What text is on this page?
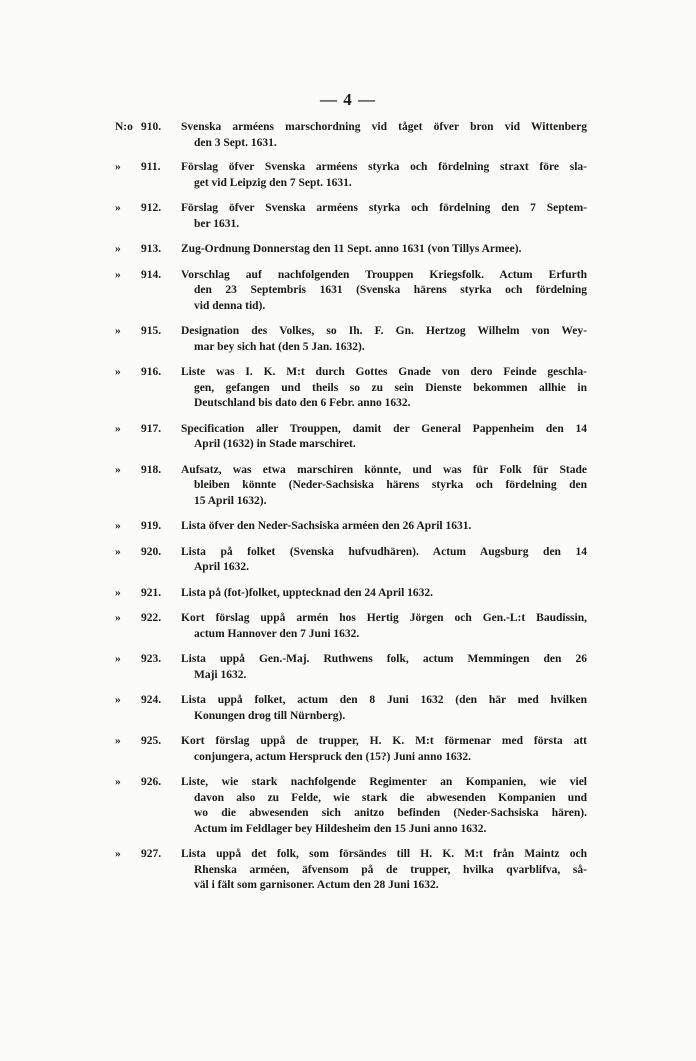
— 4 —
N:o 910.	Svenska arméens marschordning vid tåget öfver bron vid Wittenberg
den 3 Sept. 1631.
»	911.	Förslag öfver Svenska arméens styrka och fördelning straxt före sla-
get vid Leipzig den 7 Sept. 1631.
»	912.	Förslag öfver Svenska arméens styrka och fördelning den 7 Septem-
ber 1631.
»	913.	Zug-Ordnung Donnerstag den 11 Sept. anno 1631 (von Tillys Armee).
»	914.	Vorschlag auf nachfolgenden Trouppen Kriegsfolk. Actum Erfurth
den 23 Septembris 1631 (Svenska härens styrka och fördelning
vid denna tid).
»	915.	Designation des Volkes, so Ih. F. Gn. Hertzog Wilhelm von Wey-
mar bey sich hat (den 5 Jan. 1632).
»	916.	Liste was I. K. M:t durch Gottes Gnade von dero Feinde geschla-
gen, gefangen und theils so zu sein Dienste bekommen allhie in
Deutschland bis dato den 6 Febr. anno 1632.
»	917.	Specification aller Trouppen, damit der General Pappenheim den 14
April (1632) in Stade marschiret.
»	918.	Aufsatz, was etwa marschiren könnte, und was für Folk für Stade
bleiben könnte (Neder-Sachsiska härens styrka och fördelning den
15 April 1632).
»	919.	Lista öfver den Neder-Sachsiska arméen den 26 April 1631.
»	920.	Lista på folket (Svenska hufvudhären). Actum Augsburg den 14
April 1632.
»	921.	Lista på (fot-)folket, upptecknad den 24 April 1632.
»	922.	Kort förslag uppå armén hos Hertig Jörgen och Gen.-L:t Baudissin,
actum Hannover den 7 Juni 1632.
»	923.	Lista uppå Gen.-Maj. Ruthwens folk, actum Memmingen den 26
Maji 1632.
»	924.	Lista uppå folket, actum den 8 Juni 1632 (den här med hvilken
Konungen drog till Nürnberg).
»	925.	Kort förslag uppå de trupper, H. K. M:t förmenar med första att
conjungera, actum Herspruck den (15?) Juni anno 1632.
»	926.	Liste, wie stark nachfolgende Regimenter an Kompanien, wie viel
davon also zu Felde, wie stark die abwesenden Kompanien und
wo die abwesenden sich anitzo befinden (Neder-Sachsiska hären).
Actum im Feldlager bey Hildesheim den 15 Juni anno 1632.
»	927.	Lista uppå det folk, som försändes till H. K. M:t från Maintz och
Rhenska arméen, äfvensom på de trupper, hvilka qvarblifva, så-
väl i fält som garnisoner. Actum den 28 Juni 1632.
